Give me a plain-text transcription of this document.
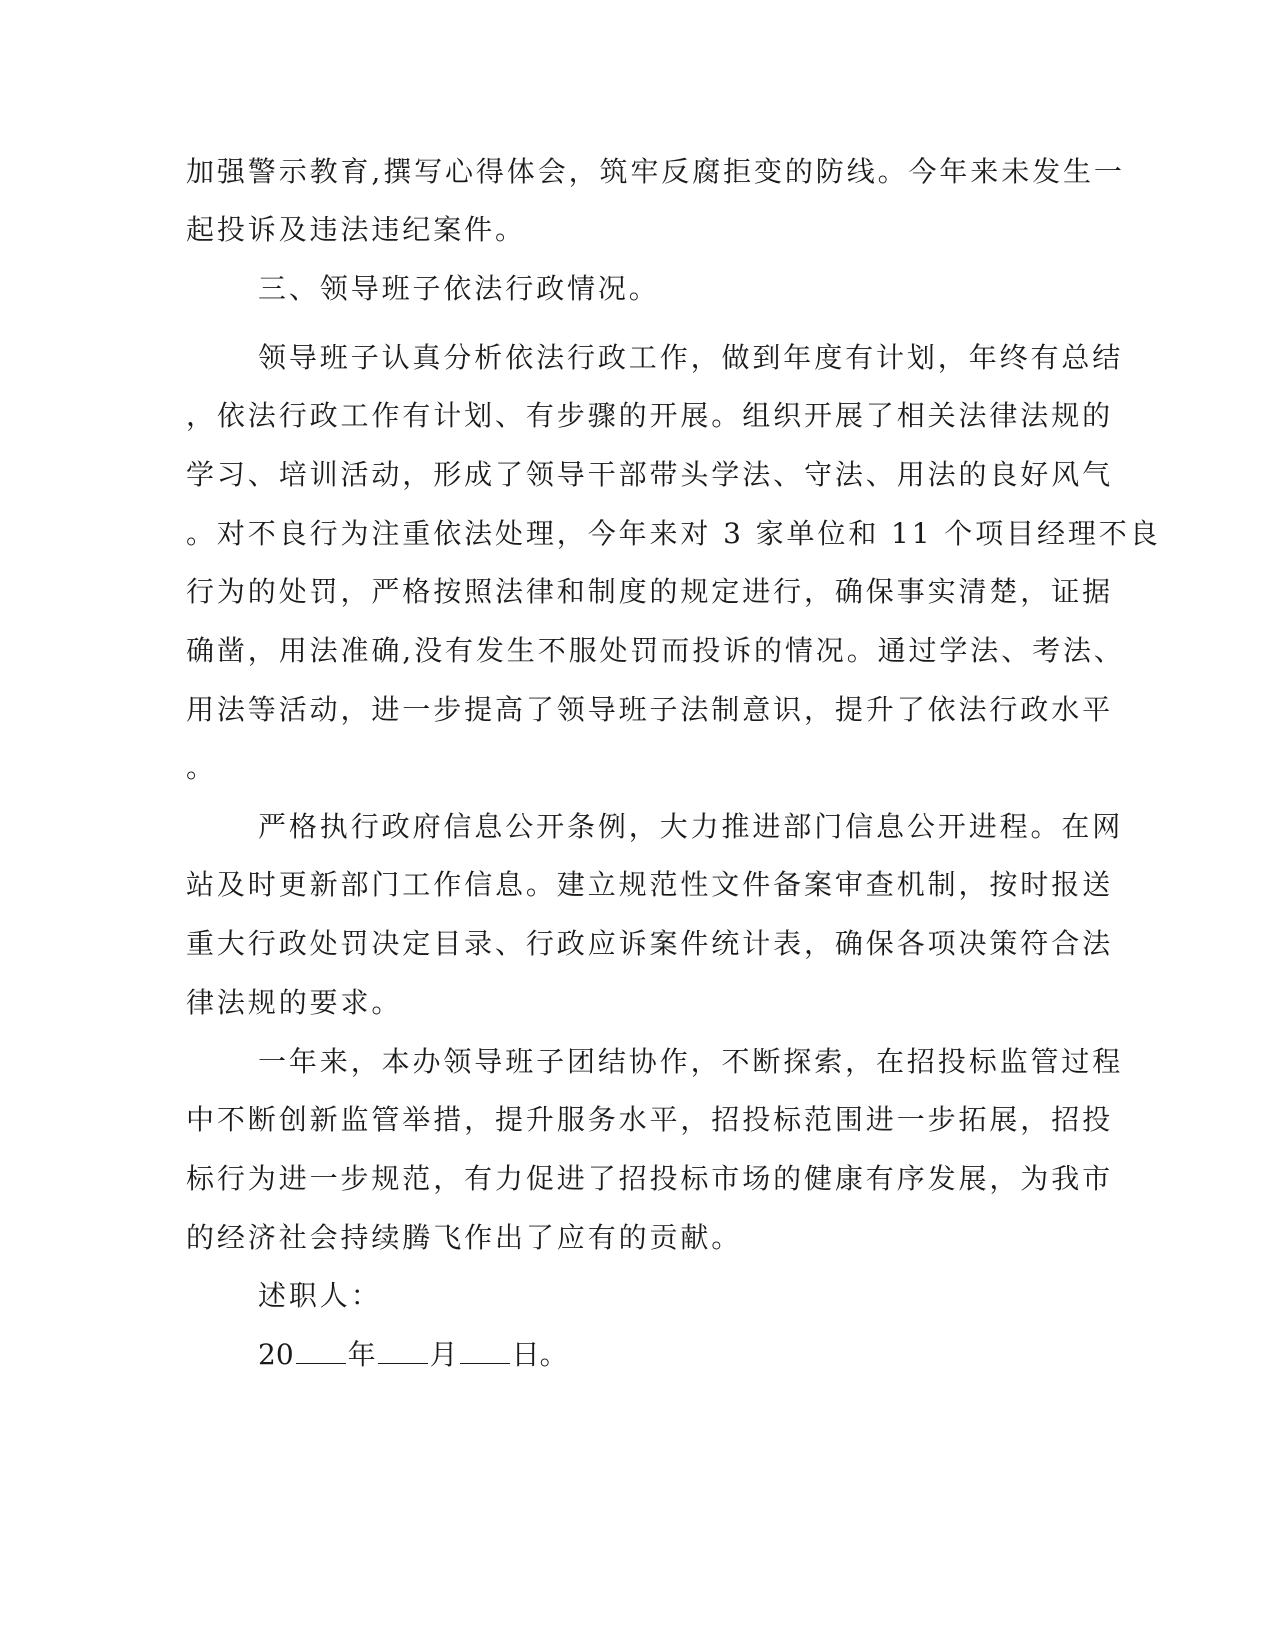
加强警示教育,撰写心得体会，筑牢反腐拒变的防线。今年来未发生一
起投诉及违法违纪案件。
三、领导班子依法行政情况。
领导班子认真分析依法行政工作，做到年度有计划，年终有总结
，依法行政工作有计划、有步骤的开展。组织开展了相关法律法规的
学习、培训活动，形成了领导干部带头学法、守法、用法的良好风气
。对不良行为注重依法处理，今年来对 3 家单位和 11 个项目经理不良
行为的处罚，严格按照法律和制度的规定进行，确保事实清楚，证据
确凿，用法准确,没有发生不服处罚而投诉的情况。通过学法、考法、
用法等活动，进一步提高了领导班子法制意识，提升了依法行政水平
。
严格执行政府信息公开条例，大力推进部门信息公开进程。在网
站及时更新部门工作信息。建立规范性文件备案审查机制，按时报送
重大行政处罚决定目录、行政应诉案件统计表，确保各项决策符合法
律法规的要求。
一年来，本办领导班子团结协作，不断探索，在招投标监管过程
中不断创新监管举措，提升服务水平，招投标范围进一步拓展，招投
标行为进一步规范，有力促进了招投标市场的健康有序发展，为我市
的经济社会持续腾飞作出了应有的贡献。
述职人：
20 年 月 日。
